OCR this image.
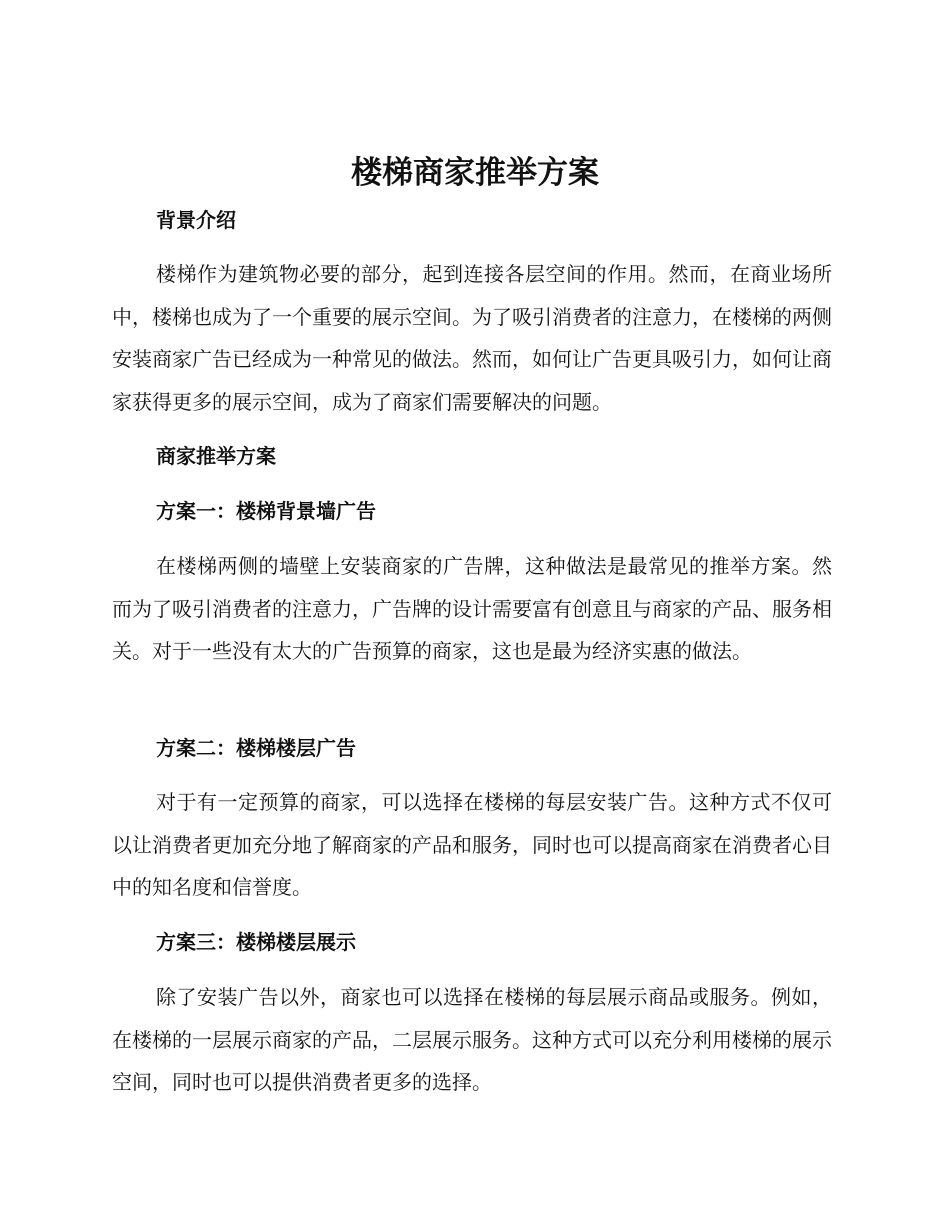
楼梯商家推举方案
背景介绍

楼梯作为建筑物必要的部分，起到连接各层空间的作用。然而，在商业场所中，楼梯也成为了一个重要的展示空间。为了吸引消费者的注意力，在楼梯的两侧安装商家广告已经成为一种常见的做法。然而，如何让广告更具吸引力，如何让商家获得更多的展示空间，成为了商家们需要解决的问题。

商家推举方案
方案一：楼梯背景墙广告

在楼梯两侧的墙壁上安装商家的广告牌，这种做法是最常见的推举方案。然而为了吸引消费者的注意力，广告牌的设计需要富有创意且与商家的产品、服务相关。对于一些没有太大的广告预算的商家，这也是最为经济实惠的做法。

方案二：楼梯楼层广告

对于有一定预算的商家，可以选择在楼梯的每层安装广告。这种方式不仅可以让消费者更加充分地了解商家的产品和服务，同时也可以提高商家在消费者心目中的知名度和信誉度。

方案三：楼梯楼层展示

除了安装广告以外，商家也可以选择在楼梯的每层展示商品或服务。例如，在楼梯的一层展示商家的产品，二层展示服务。这种方式可以充分利用楼梯的展示空间，同时也可以提供消费者更多的选择。
